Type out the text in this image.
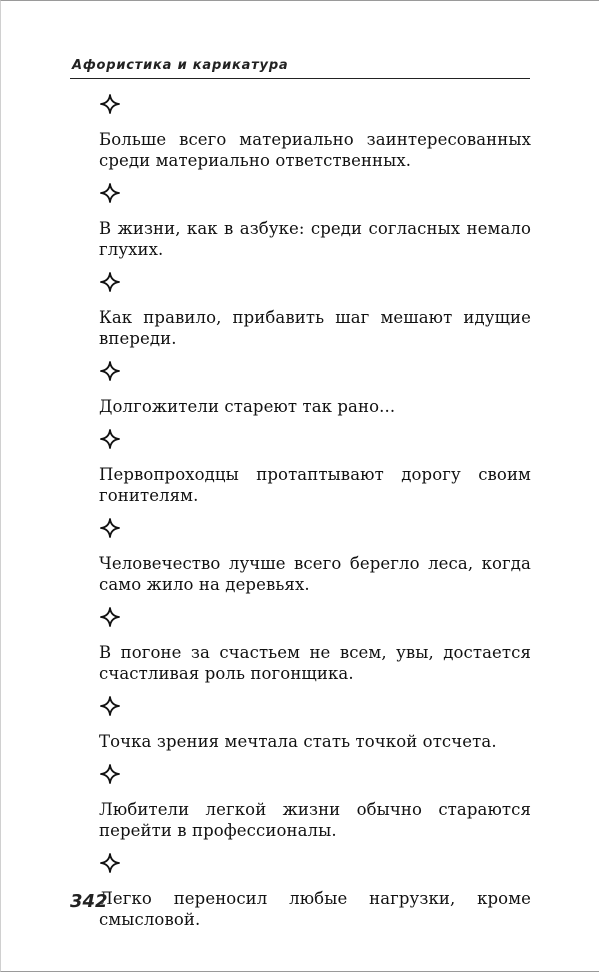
Афористика и карикатура

Больше всего материально заинтересованных среди материально ответственных.

В жизни, как в азбуке: среди согласных немало глухих.

Как правило, прибавить шаг мешают идущие впереди.

Долгожители стареют так рано...

Первопроходцы протаптывают дорогу своим гонителям.

Человечество лучше всего берегло леса, когда само жило на деревьях.

В погоне за счастьем не всем, увы, достается счастливая роль погонщика.

Точка зрения мечтала стать точкой отсчета.

Любители легкой жизни обычно стараются перейти в профессионалы.

Легко переносил любые нагрузки, кроме смысловой.

342
